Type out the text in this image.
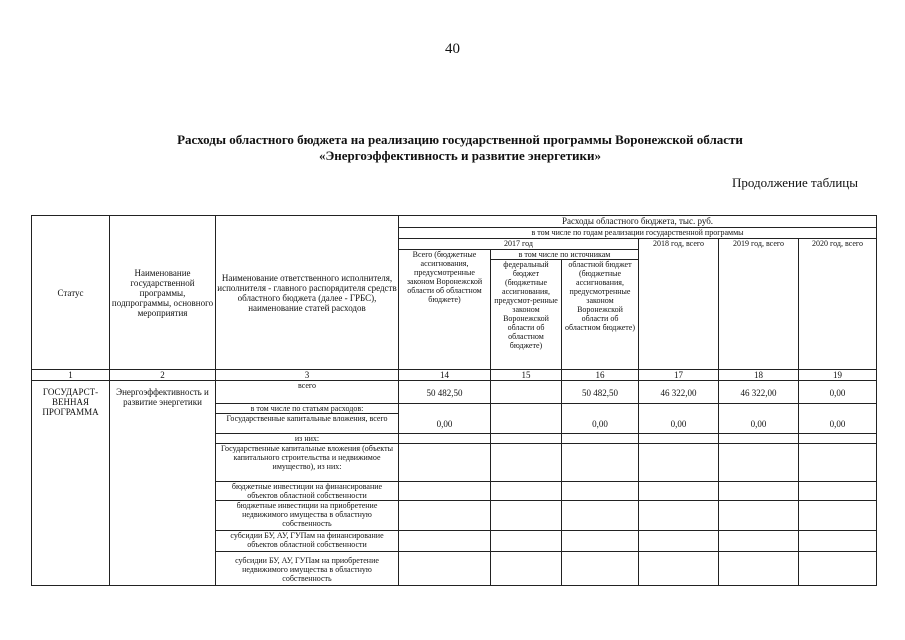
40
Расходы областного бюджета на реализацию государственной программы Воронежской области
«Энергоэффективность и развитие энергетики»
Продолжение таблицы
Статус	Наименование государственной программы, подпрограммы, основного мероприятия	Наименование ответственного исполнителя, исполнителя - главного распорядителя средств областного бюджета (далее - ГРБС), наименование статей расходов	Расходы областного бюджета, тыс. руб.					
			в том числе по годам реализации государственной программы					
			2017 год			2018 год, всего	2019 год, всего	2020 год, всего
			Всего (бюджетные ассигнования, предусмотренные законом Воронежской области об областном бюджете)	в том числе по источникам				
				федеральный бюджет (бюджетные ассигнования, предусмот-ренные законом Воронежской области об областном бюджете)	областной бюджет (бюджетные ассигнования, предусмотренные законом Воронежской области об областном бюджете)			
1	2	3	14	15	16	17	18	19
ГОСУДАРСТ-ВЕННАЯ ПРОГРАММА	Энергоэффективность и развитие энергетики	всего	50 482,50		50 482,50	46 322,00	46 322,00	0,00
		в том числе по статьям расходов:						
		Государственные капитальные вложения, всего	0,00		0,00	0,00	0,00	0,00
		из них:						
		Государственные капитальные вложения (объекты капитального строительства и недвижимое имущество), из них:						
		бюджетные инвестиции на финансирование объектов областной собственности						
		бюджетные инвестиции на приобретение недвижимого имущества в областную собственность						
		субсидии БУ, АУ, ГУПам на финансирование объектов областной собственности						
		субсидии БУ, АУ, ГУПам на приобретение недвижимого имущества в областную собственность						
